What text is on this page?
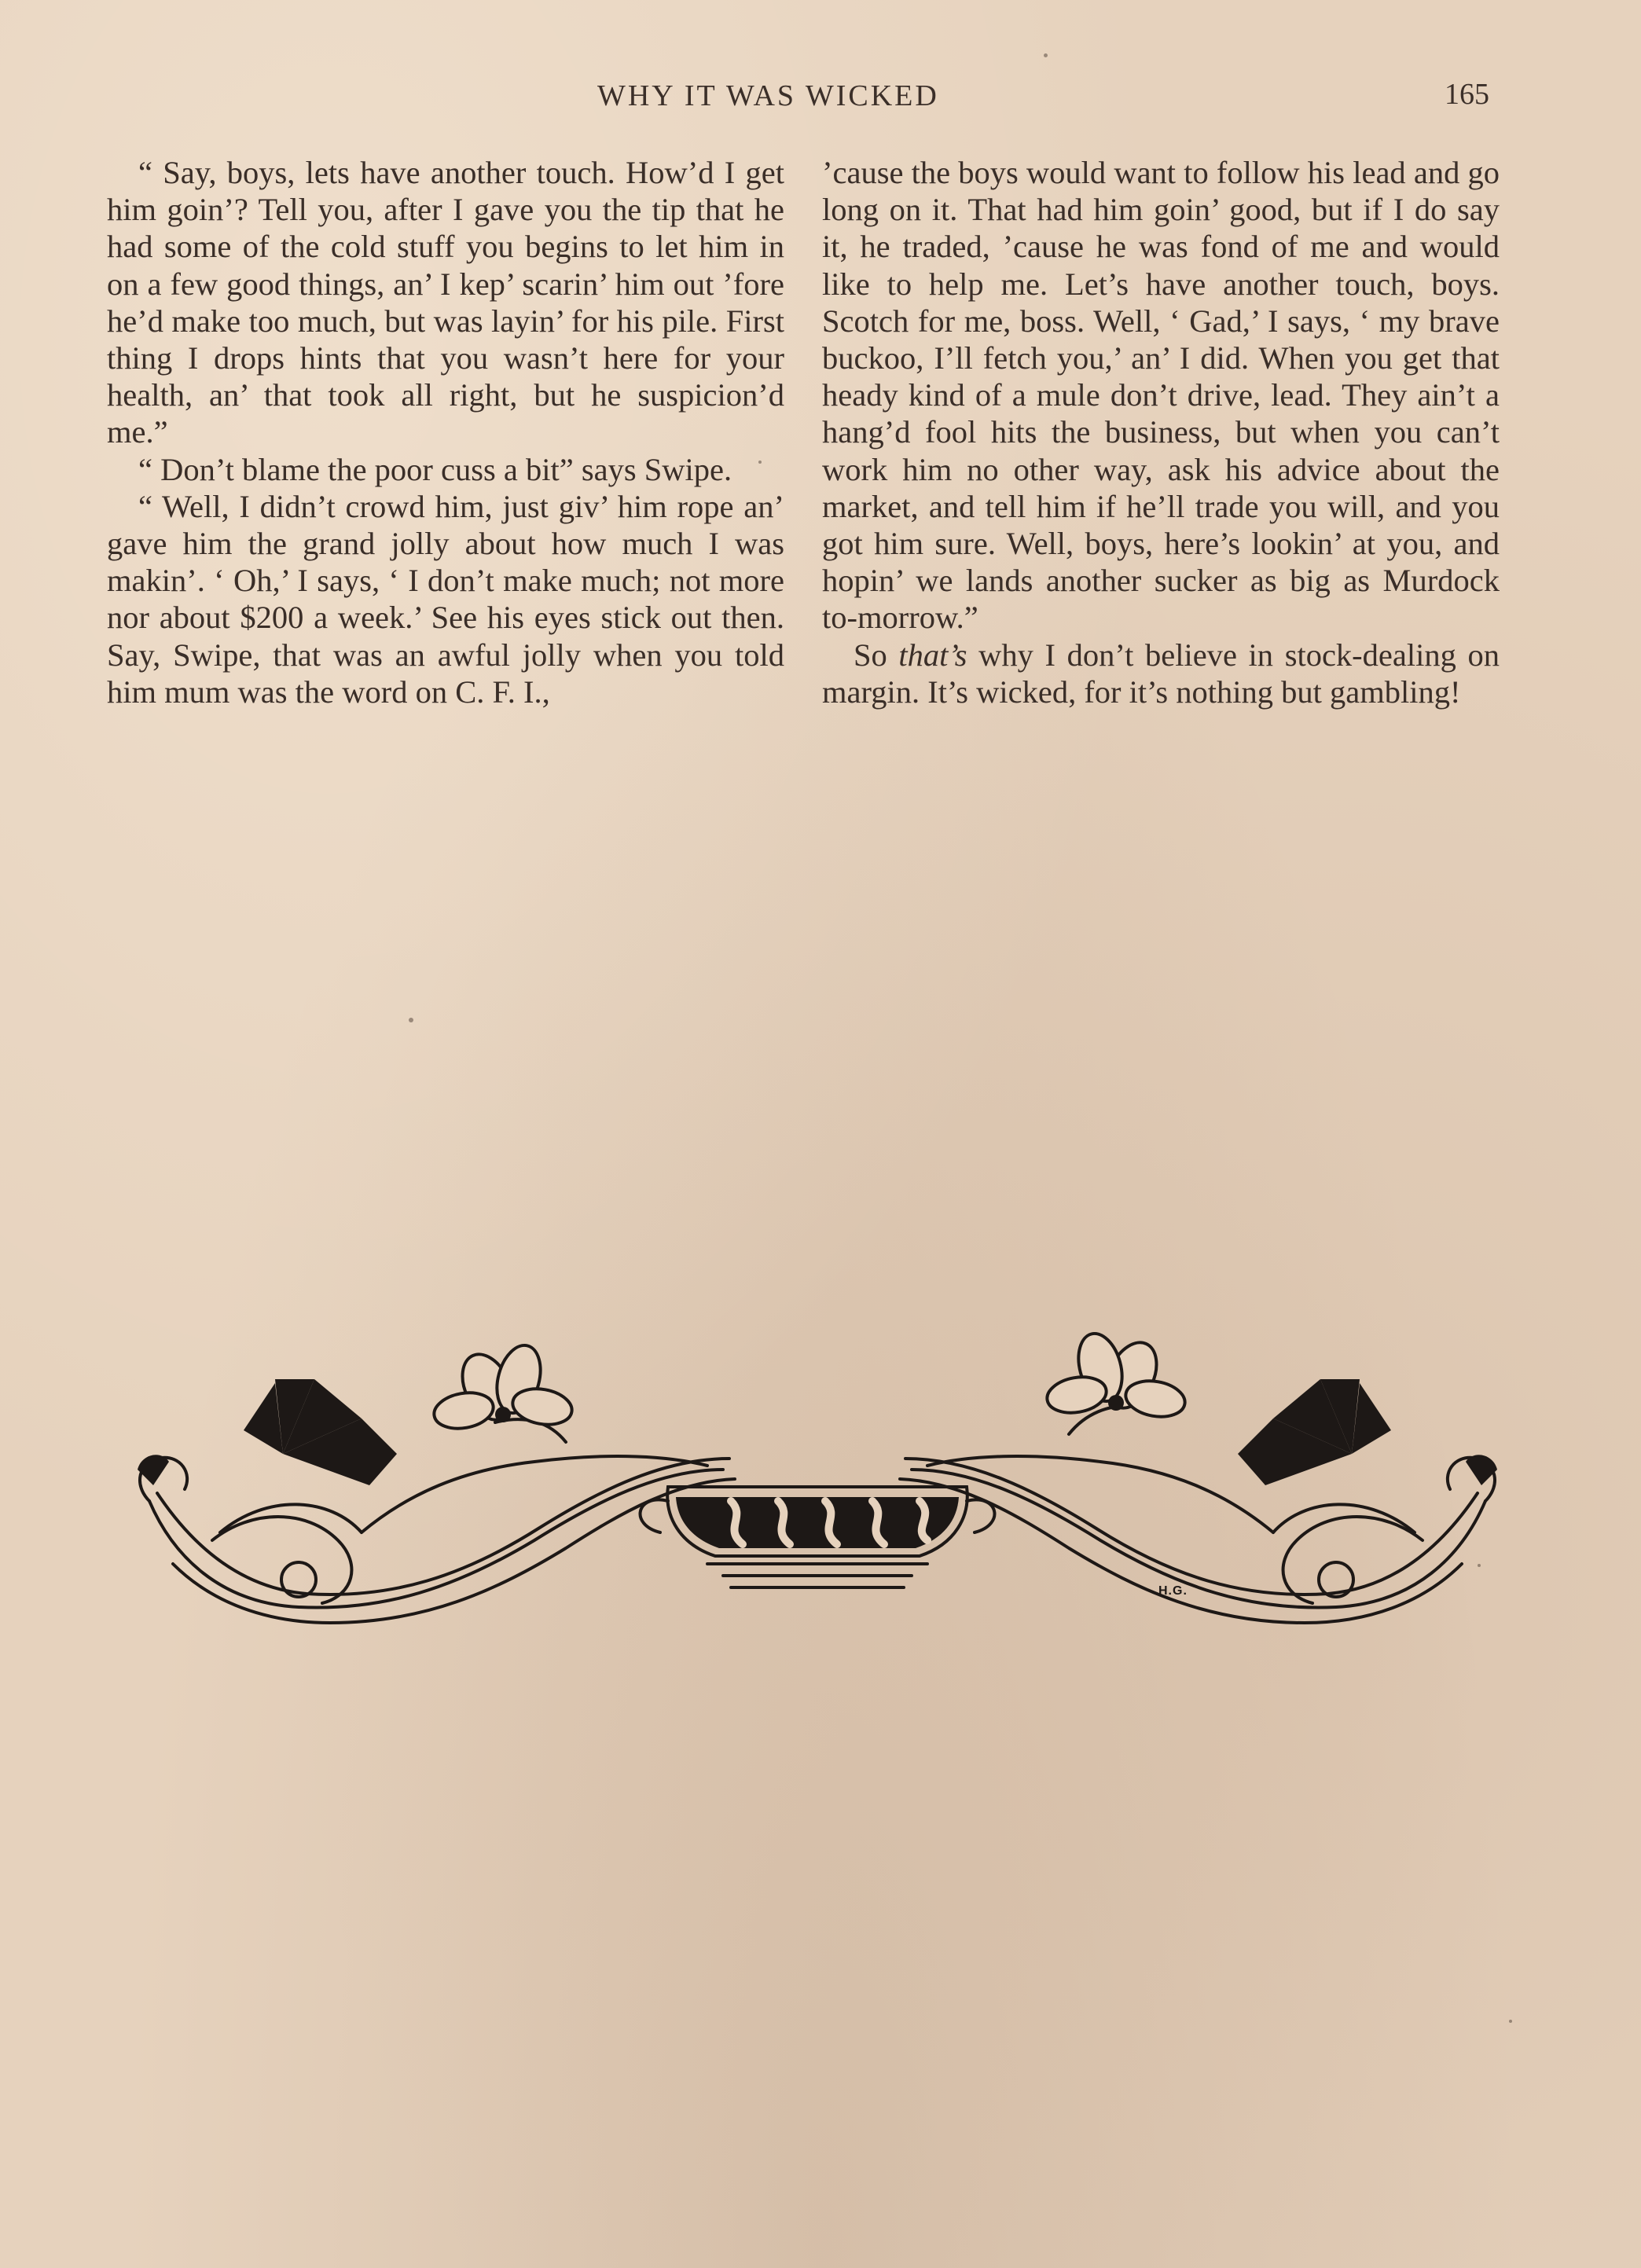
WHY IT WAS WICKED	165

“ Say, boys, lets have another touch. How’d I get him goin’? Tell you, after I gave you the tip that he had some of the cold stuff you begins to let him in on a few good things, an’ I kep’ scarin’ him out ’fore he’d make too much, but was layin’ for his pile. First thing I drops hints that you wasn’t here for your health, an’ that took all right, but he suspicion’d me.”

“ Don’t blame the poor cuss a bit” says Swipe.

“ Well, I didn’t crowd him, just giv’ him rope an’ gave him the grand jolly about how much I was makin’. ‘ Oh,’ I says, ‘ I don’t make much; not more nor about $200 a week.’ See his eyes stick out then. Say, Swipe, that was an awful jolly when you told him mum was the word on C. F. I.,

’cause the boys would want to follow his lead and go long on it. That had him goin’ good, but if I do say it, he traded, ’cause he was fond of me and would like to help me. Let’s have another touch, boys. Scotch for me, boss. Well, ‘ Gad,’ I says, ‘ my brave buckoo, I’ll fetch you,’ an’ I did. When you get that heady kind of a mule don’t drive, lead. They ain’t a hang’d fool hits the business, but when you can’t work him no other way, ask his advice about the market, and tell him if he’ll trade you will, and you got him sure. Well, boys, here’s lookin’ at you, and hopin’ we lands another sucker as big as Murdock to-morrow.”

So that’s why I don’t believe in stock-dealing on margin. It’s wicked, for it’s nothing but gambling!

H.G.
